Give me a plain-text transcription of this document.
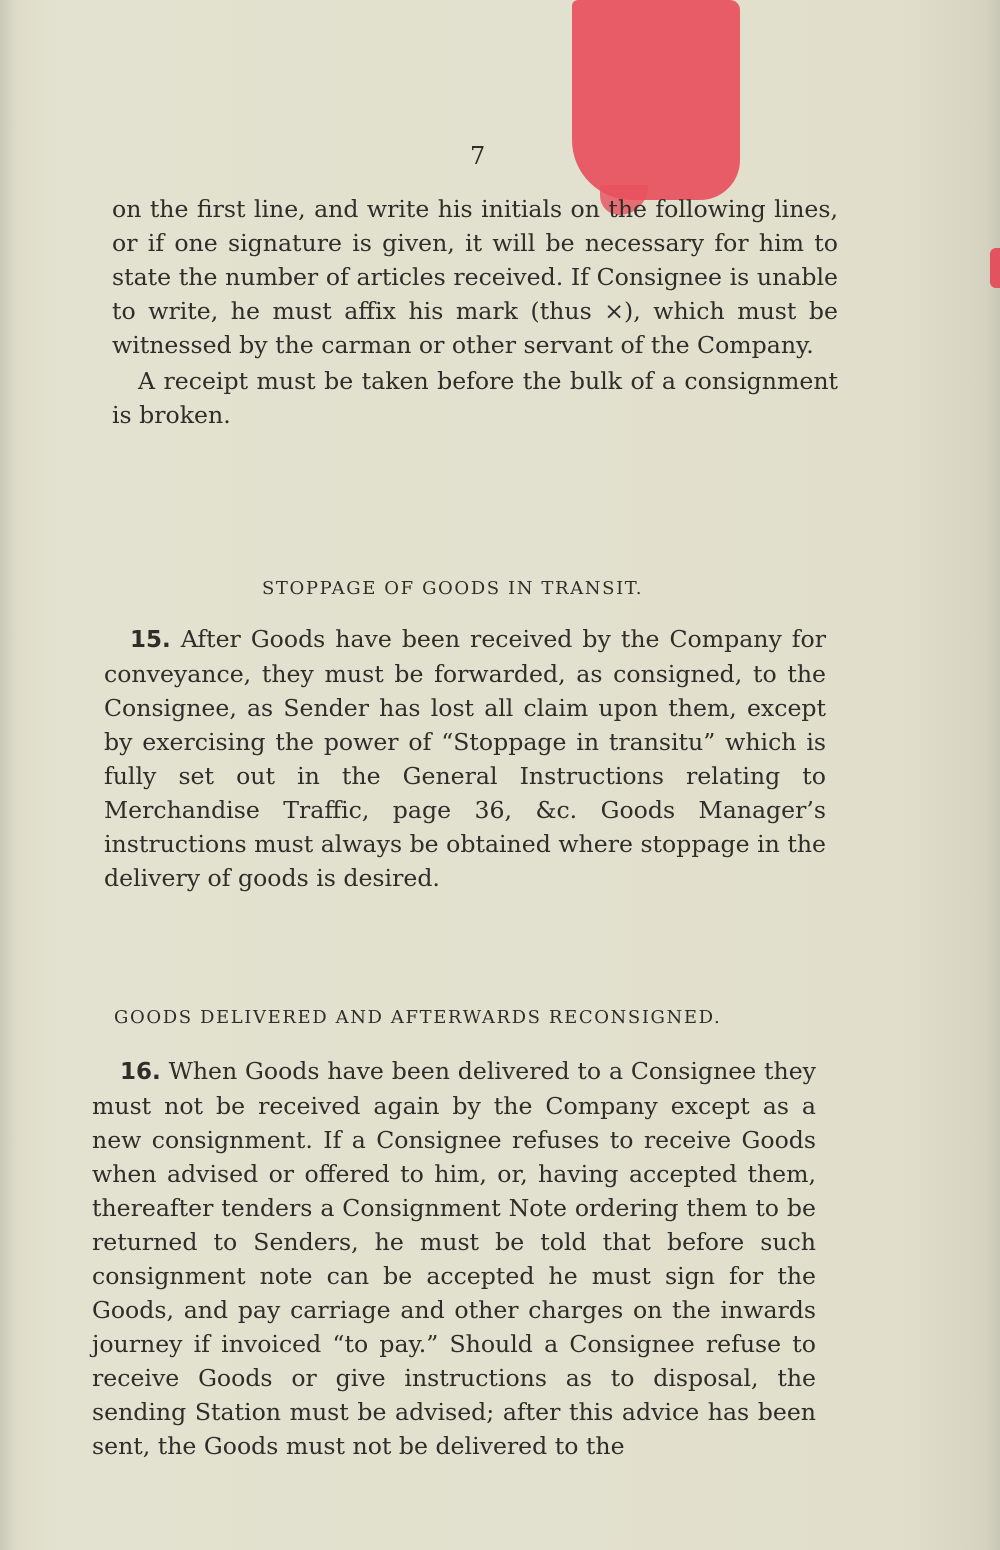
7

on the first line, and write his initials on the following lines, or if one signature is given, it will be necessary for him to state the number of articles received. If Consignee is unable to write, he must affix his mark (thus ×), which must be witnessed by the carman or other servant of the Company.

A receipt must be taken before the bulk of a consignment is broken.

STOPPAGE OF GOODS IN TRANSIT.

15. After Goods have been received by the Company for conveyance, they must be forwarded, as consigned, to the Consignee, as Sender has lost all claim upon them, except by exercising the power of “Stoppage in transitu” which is fully set out in the General Instructions relating to Merchandise Traffic, page 36, &c. Goods Manager’s instructions must always be obtained where stoppage in the delivery of goods is desired.

GOODS DELIVERED AND AFTERWARDS RECONSIGNED.

16. When Goods have been delivered to a Consignee they must not be received again by the Company except as a new consignment. If a Consignee refuses to receive Goods when advised or offered to him, or, having accepted them, thereafter tenders a Consignment Note ordering them to be returned to Senders, he must be told that before such consignment note can be accepted he must sign for the Goods, and pay carriage and other charges on the inwards journey if invoiced “to pay.” Should a Consignee refuse to receive Goods or give instructions as to disposal, the sending Station must be advised; after this advice has been sent, the Goods must not be delivered to the
